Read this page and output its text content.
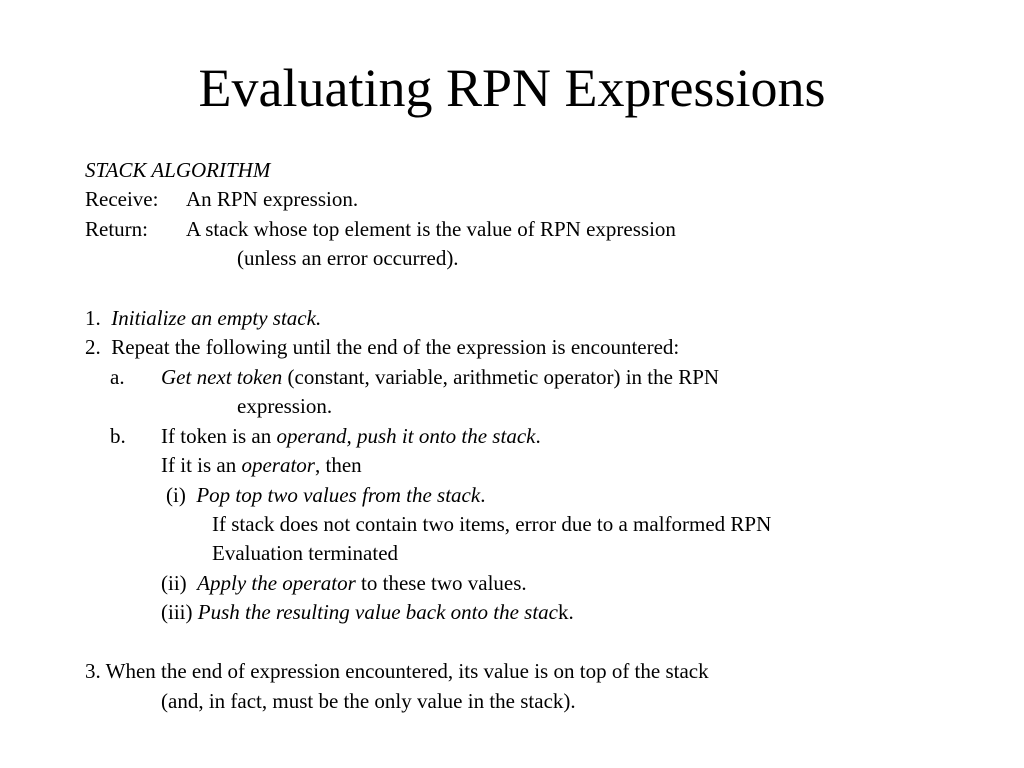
Evaluating RPN Expressions
STACK ALGORITHM
Receive: An RPN expression.
Return: A stack whose top element is the value of RPN expression
(unless an error occurred).
1. Initialize an empty stack.
2. Repeat the following until the end of the expression is encountered:
a. Get next token (constant, variable, arithmetic operator) in the RPN
expression.
b. If token is an operand, push it onto the stack.
If it is an operator, then
(i) Pop top two values from the stack.
If stack does not contain two items, error due to a malformed RPN
Evaluation terminated
(ii) Apply the operator to these two values.
(iii) Push the resulting value back onto the stack.
3. When the end of expression encountered, its value is on top of the stack
(and, in fact, must be the only value in the stack).
